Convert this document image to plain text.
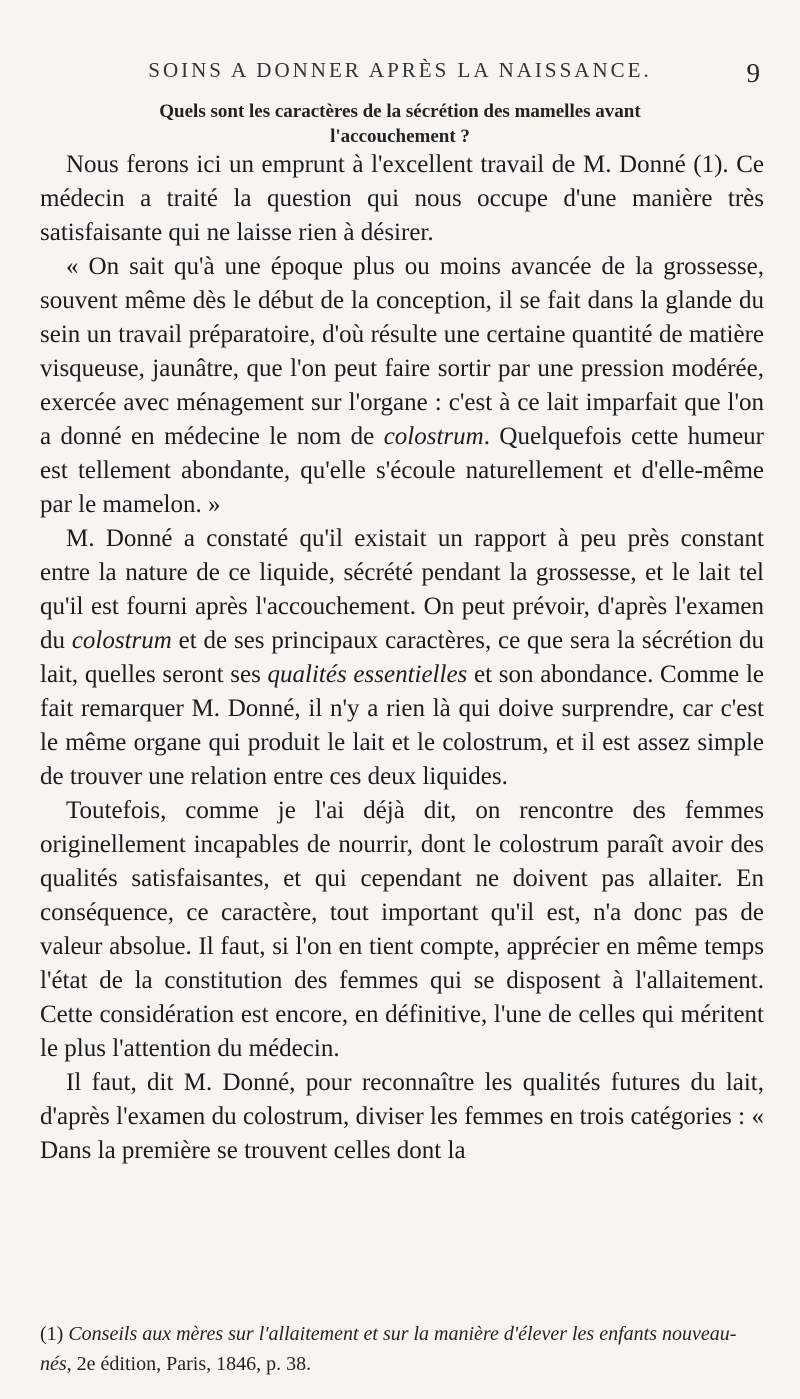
SOINS A DONNER APRÈS LA NAISSANCE.	9
Quels sont les caractères de la sécrétion des mamelles avant
l'accouchement ?

Nous ferons ici un emprunt à l'excellent travail de M. Donné (1). Ce médecin a traité la question qui nous occupe d'une manière très satisfaisante qui ne laisse rien à désirer.

« On sait qu'à une époque plus ou moins avancée de la grossesse, souvent même dès le début de la conception, il se fait dans la glande du sein un travail préparatoire, d'où résulte une certaine quantité de matière visqueuse, jaunâtre, que l'on peut faire sortir par une pression modérée, exercée avec ménagement sur l'organe : c'est à ce lait imparfait que l'on a donné en médecine le nom de colostrum. Quelquefois cette humeur est tellement abondante, qu'elle s'écoule naturellement et d'elle-même par le mamelon. »

M. Donné a constaté qu'il existait un rapport à peu près constant entre la nature de ce liquide, sécrété pendant la grossesse, et le lait tel qu'il est fourni après l'accouchement. On peut prévoir, d'après l'examen du colostrum et de ses principaux caractères, ce que sera la sécrétion du lait, quelles seront ses qualités essentielles et son abondance. Comme le fait remarquer M. Donné, il n'y a rien là qui doive surprendre, car c'est le même organe qui produit le lait et le colostrum, et il est assez simple de trouver une relation entre ces deux liquides.

Toutefois, comme je l'ai déjà dit, on rencontre des femmes originellement incapables de nourrir, dont le colostrum paraît avoir des qualités satisfaisantes, et qui cependant ne doivent pas allaiter. En conséquence, ce caractère, tout important qu'il est, n'a donc pas de valeur absolue. Il faut, si l'on en tient compte, apprécier en même temps l'état de la constitution des femmes qui se disposent à l'allaitement. Cette considération est encore, en définitive, l'une de celles qui méritent le plus l'attention du médecin.

Il faut, dit M. Donné, pour reconnaître les qualités futures du lait, d'après l'examen du colostrum, diviser les femmes en trois catégories : « Dans la première se trouvent celles dont la

(1) Conseils aux mères sur l'allaitement et sur la manière d'élever les enfants nouveau-nés, 2e édition, Paris, 1846, p. 38.
